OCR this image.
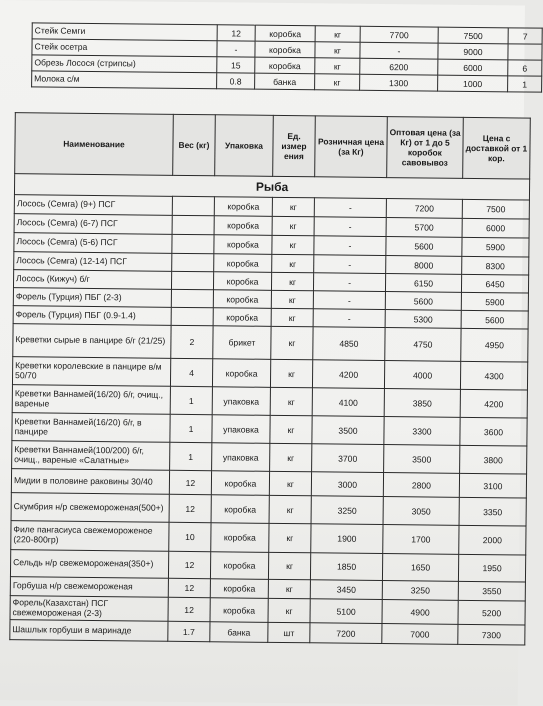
Стейк Семги	12	коробка	кг	7700	7500	7
Стейк осетра	-	коробка	кг	-	9000	
Обрезь Лосося (стрипсы)	15	коробка	кг	6200	6000	6
Молока с/м	0.8	банка	кг	1300	1000	1
Наименование	Вес (кг)	Упаковка	Ед. измер ения	Розничная цена (за Кг)	Оптовая цена (за Кг) от 1 до 5 коробок савовывоз	Цена с доставкой от 1 кор.
Рыба						
Лосось (Семга) (9+) ПСГ		коробка	кг	-	7200	7500
Лосось (Семга) (6-7) ПСГ		коробка	кг	-	5700	6000
Лосось (Семга) (5-6) ПСГ		коробка	кг	-	5600	5900
Лосось (Семга) (12-14) ПСГ		коробка	кг	-	8000	8300
Лосось (Кижуч) б/г		коробка	кг	-	6150	6450
Форель (Турция) ПБГ (2-3)		коробка	кг	-	5600	5900
Форель (Турция) ПБГ (0.9-1.4)		коробка	кг	-	5300	5600
Креветки сырые в панцире б/г (21/25)	2	брикет	кг	4850	4750	4950
Креветки королевские в панцире в/м 50/70	4	коробка	кг	4200	4000	4300
Креветки Ваннамей(16/20) б/г, очищ., вареные	1	упаковка	кг	4100	3850	4200
Креветки Ваннамей(16/20) б/г, в панцире	1	упаковка	кг	3500	3300	3600
Креветки Ваннамей(100/200) б/г, очищ., вареные «Салатные»	1	упаковка	кг	3700	3500	3800
Мидии в половине раковины 30/40	12	коробка	кг	3000	2800	3100
Скумбрия н/р свежемороженая(500+)	12	коробка	кг	3250	3050	3350
Филе пангасиуса свежемороженое (220-800гр)	10	коробка	кг	1900	1700	2000
Сельдь н/р свежемороженая(350+)	12	коробка	кг	1850	1650	1950
Горбуша н/р свежемороженая	12	коробка	кг	3450	3250	3550
Форель(Казахстан) ПСГ свежемороженая (2-3)	12	коробка	кг	5100	4900	5200
Шашлык горбуши в маринаде	1.7	банка	шт	7200	7000	7300
